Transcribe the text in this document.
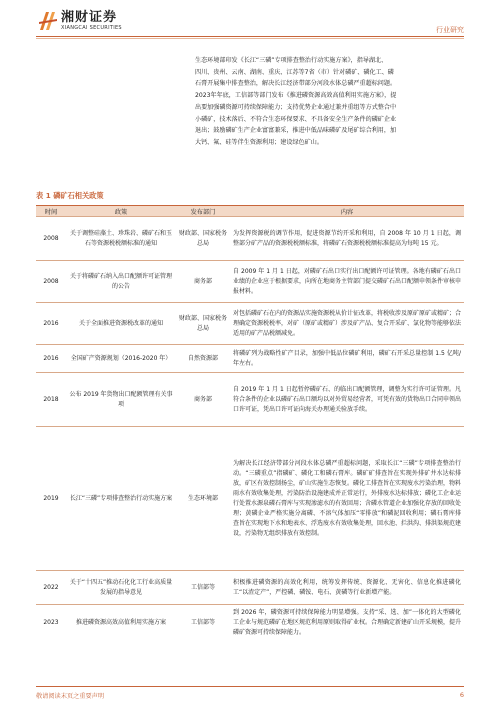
湘财证券
XIANGCAI SECURITIES	行业研究

生态环境部印发《长江“三磷”专项排查整治行动实施方案》，指导湖北、

四川、贵州、云南、湖南、重庆、江苏等7省（市）针对磷矿、磷化工、磷

石膏开展集中排查整治，解决长江经济带部分河段水体总磷严重超标问题。

2023年年底，工信部等部门发布《推进磷资源高效高值利用实施方案》，提

出要加强磷资源可持续保障能力；支持优势企业通过兼并重组等方式整合中

小磷矿，技术落后、不符合生态环保要求、不具备安全生产条件的磷矿企业

退出；鼓励磷矿生产企业富富兼采，推进中低品味磷矿及尾矿综合利用，加

大钙、氟、硅等伴生资源利用；建设绿色矿山。

表 1 磷矿石相关政策
时间	政策	发布部门	内容
2008	关于调整硅藻土、珍珠岩、磷矿石和玉石等资源税税额标准的通知	财政部、国家税务总局	为发挥资源税的调节作用，促进资源节约开采和利用，自 2008 年 10 月 1 日起，调整部分矿产品的资源税税额标准，将磷矿石资源税税额标准提高为每吨 15 元。
2008	关于将磷矿石纳入出口配额许可证管理的公告	商务部	自 2009 年 1 月 1 日起，对磷矿石出口实行出口配额许可证管理。各地有磷矿石出口业绩的企业应于根据要求，向所在地商务主管部门提交磷矿石出口配额申领条件审核申报材料。
2016	关于全面推进资源税改革的通知	财政部、国家税务总局	对包括磷矿石在内的资源品实施资源税从价计征改革，将税收涉及原矿原矿或精矿；合理确定资源税税率，对矿（原矿或精矿）涉及矿产品、复合开采矿、氯化物等能够依法适用的矿产品税额减免。
2016	全国矿产资源规划（2016-2020 年）	自然资源部	将磷矿列为战略性矿产目录，加强中低品位磷矿利用，磷矿石开采总量控制 1.5 亿吨/年左右。
2018	公布 2019 年货物出口配额管理有关事项	商务部	自 2019 年 1 月 1 日起暂停磷矿石、的临出口配额管理，调整为实行许可证管理。凡符合条件的企业以磷矿石出口额均以对外贸易经营者，可凭有效的货物出口合同申领出口许可证，凭出口许可证向海关办理通关验放手续。
2019	长江“三磷”专项排查整治行动实施方案	生态环境部	为解决长江经济带部分河段水体总磷严重超标问题，采取长江“三磷”专项排查整治行动。“三磷重点”指磷矿、磷化工和磷石膏库。磷矿矿排查旨在实现外排矿井水达标排放，矿区有效控制扬尘，矿山实施生态恢复。磷化工排查旨在实现废水污染治理，物料雨水有效收集处理，污染防治设施建成并正常运行，外排废水达标排放；磷化工企业运行处置水源泉磷石膏库与实现渗滤水的有效回用；含磷水管道企业加强化存放的回收处理；黄磷企业严格实施分离磷、不溶气体加压“零排放”和磷泥回收利用；磷石膏库排查旨在实现地下水和地表水、浮选废水有效收集处理，回水池、拦洪沟、排洪渠规范建设，污染物无组织排放有效控制。
2022	关于“十四五”推动石化化工行业高质量发展的指导意见	工信部等	积极推进磷资源的高效化利用，统筹发挥传统、资源化、无害化、信息化推进磷化工“以渣定产”，严控磷、磷铵、电石、黄磷等行业新增产能。
2023	推进磷资源高效高值利用实施方案	工信部等	到 2026 年，磷资源可持续保障能力明显增强。支持“采、选、加”一体化的大型磷化工企业与规范磷矿在地区规范利用原则取得矿业权。合理确定新建矿山开采规模，提升磷矿资源可持续保障能力。
敬请阅读末页之重要声明	6
